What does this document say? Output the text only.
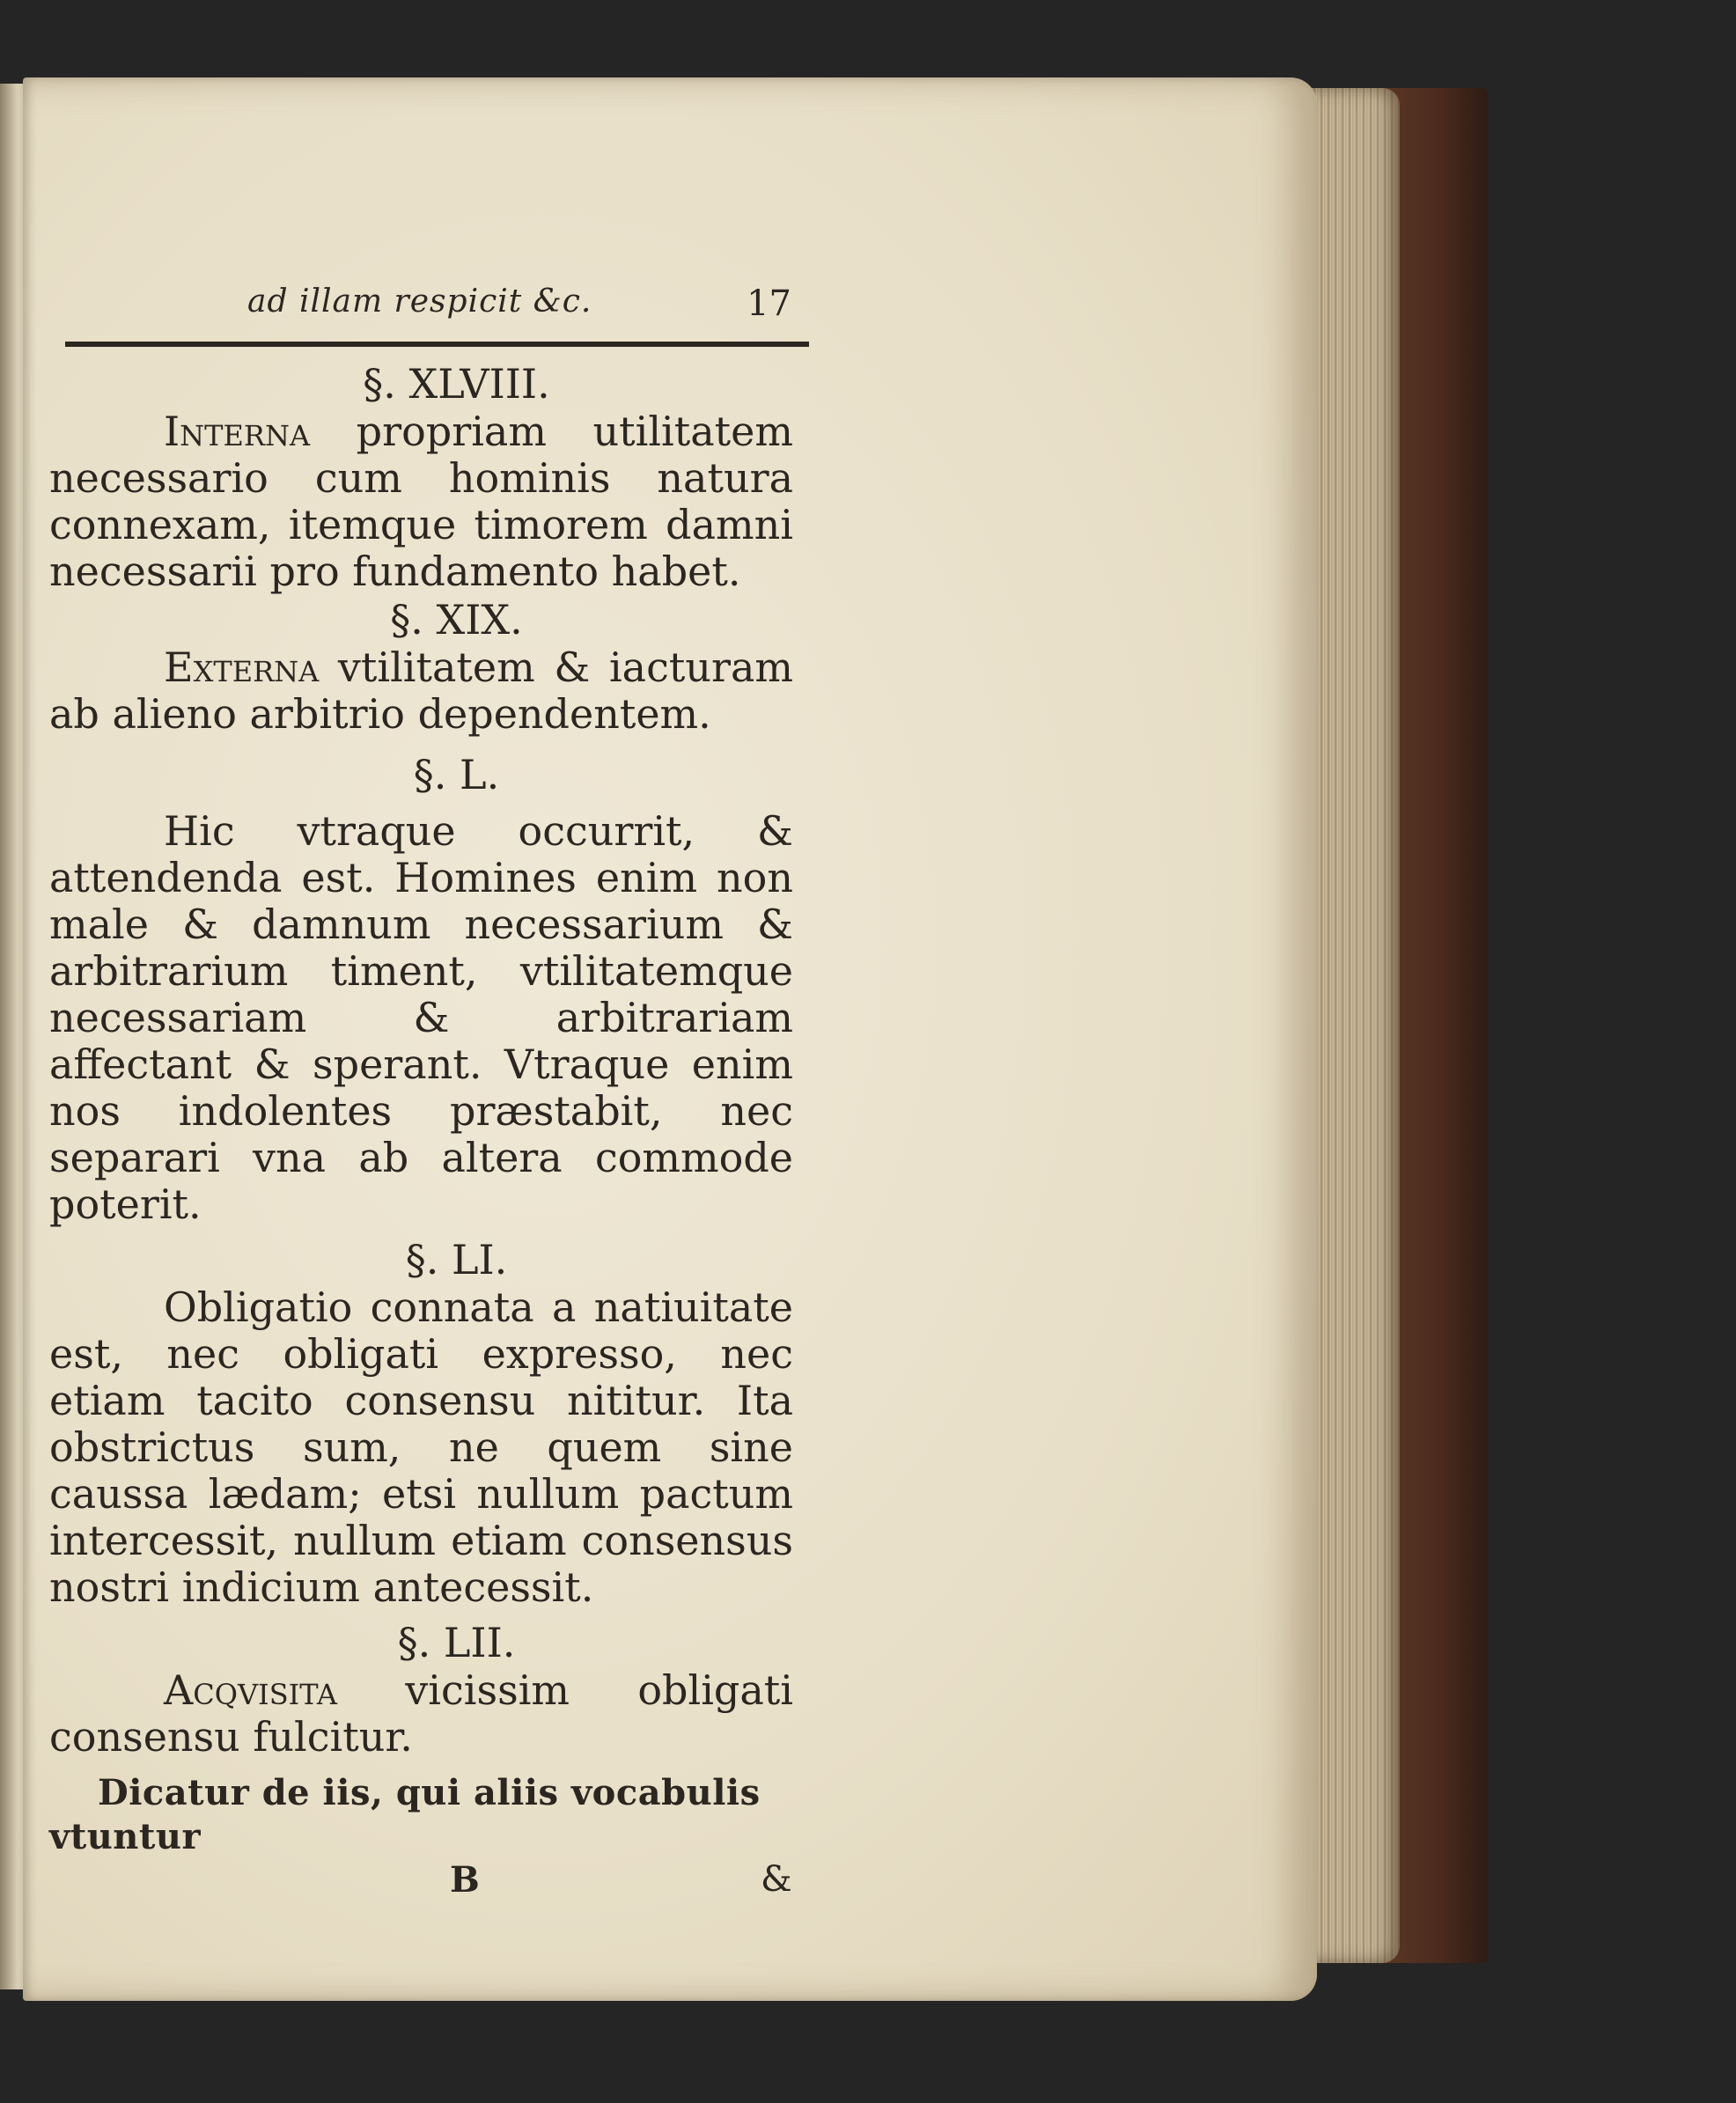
ad illam respicit &c.	17
§. XLVIII.

Interna propriam utilitatem necessario cum hominis natura connexam, itemque timorem damni necessarii pro fundamento habet.

§. XIX.

Externa vtilitatem & iacturam ab alieno arbitrio dependentem.

§. L.

Hic vtraque occurrit, & attendenda est. Homines enim non male & damnum necessarium & arbitrarium timent, vtilitatemque necessariam & arbitrariam affectant & sperant. Vtraque enim nos indolentes præstabit, nec separari vna ab altera commode poterit.

§. LI.

Obligatio connata a natiuitate est, nec obligati expresso, nec etiam tacito consensu nititur. Ita obstrictus sum, ne quem sine caussa lædam; etsi nullum pactum intercessit, nullum etiam consensus nostri indicium antecessit.

§. LII.

Acqvisita vicissim obligati consensu fulcitur.

Dicatur de iis, qui aliis vocabulis vtuntur
B	&
